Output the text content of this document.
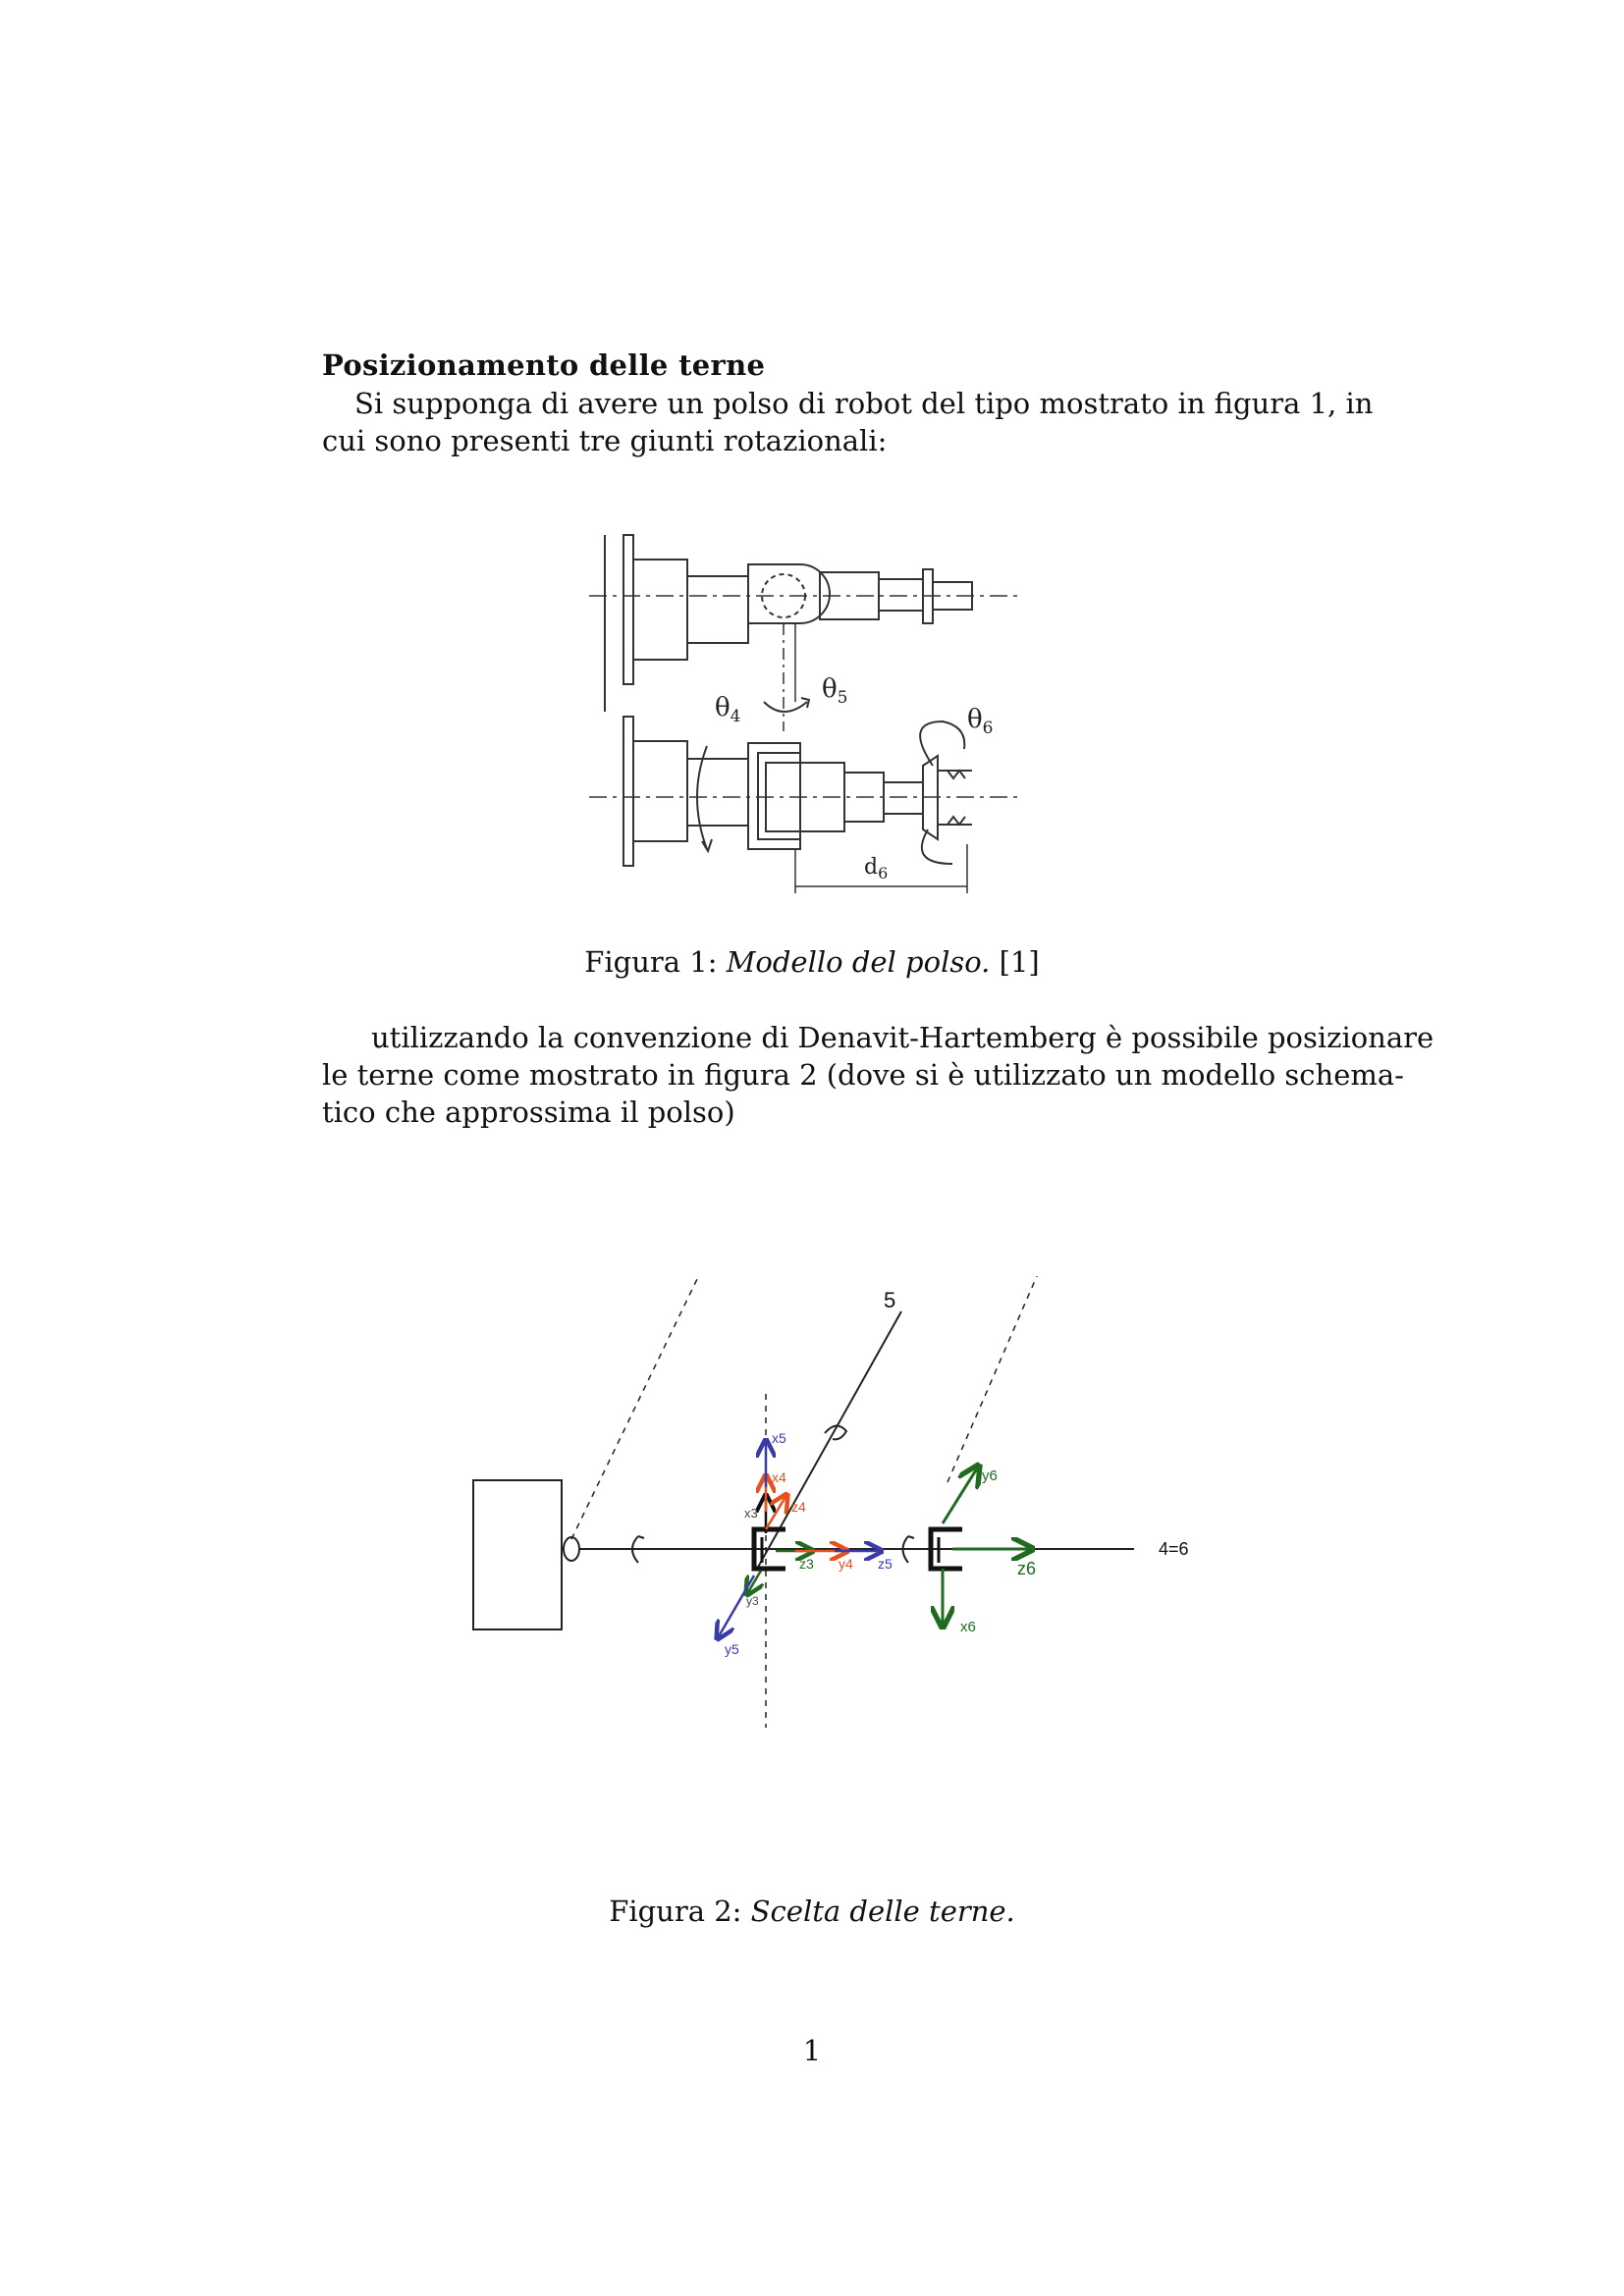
Posizionamento delle terne
Si supponga di avere un polso di robot del tipo mostrato in figura 1, in
cui sono presenti tre giunti rotazionali:
$\theta_4$
$\theta_5$
$\theta_6$
$d_6$
Figura 1: Modello del polso. [1]
utilizzando la convenzione di Denavit-Hartemberg è possibile posizionare
le terne come mostrato in figura 2 (dove si è utilizzato un modello schema-
tico che approssima il polso)
5
4=6
x5
x4
x3 z4
z3 y4 z5
y3
y5
y6
z6
x6
Figura 2: Scelta delle terne.
1
